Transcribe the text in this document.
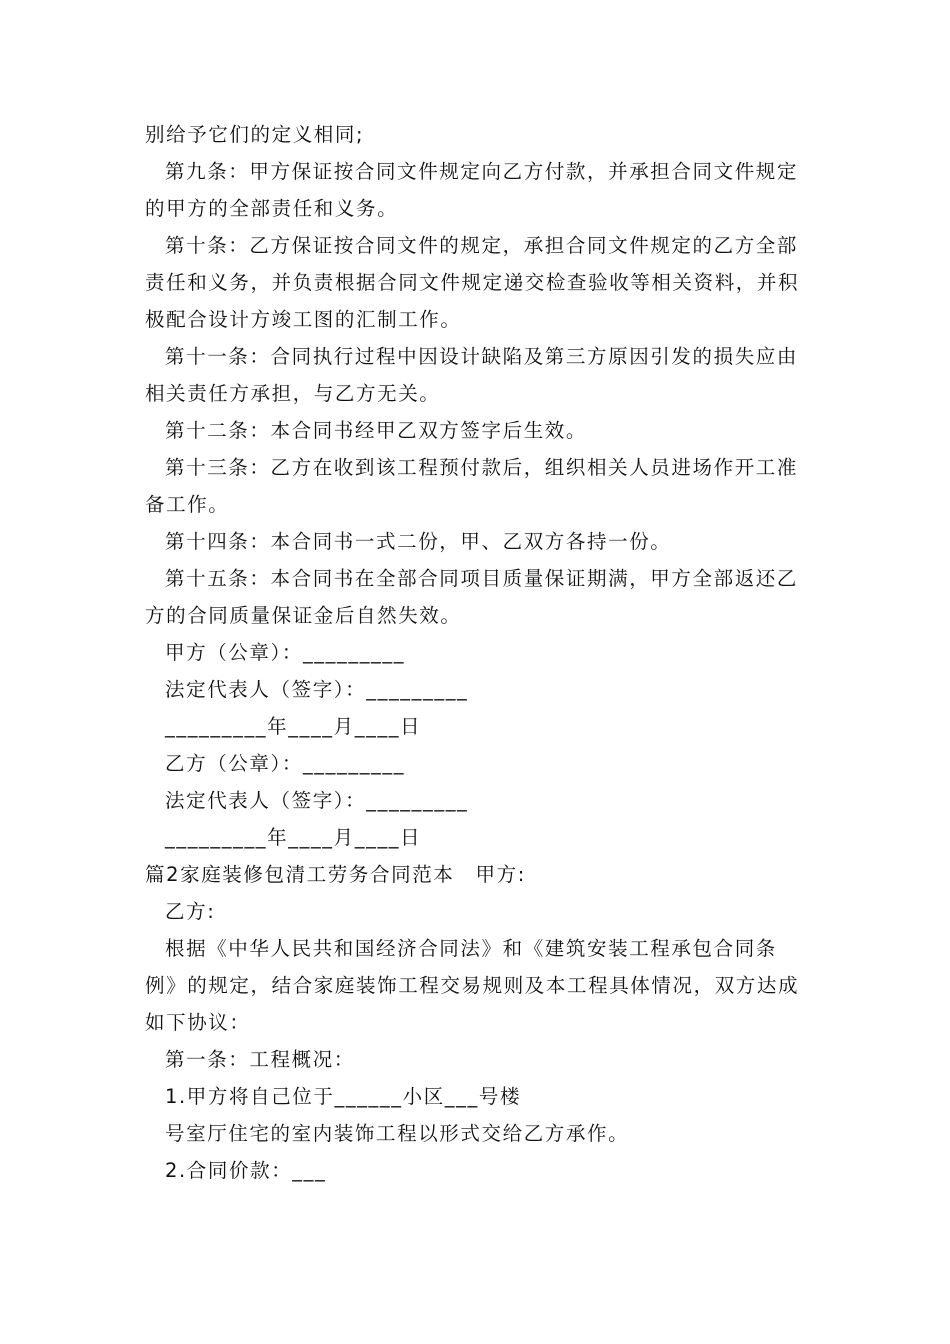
别给予它们的定义相同;

第九条：甲方保证按合同文件规定向乙方付款，并承担合同文件规定的甲方的全部责任和义务。

第十条：乙方保证按合同文件的规定，承担合同文件规定的乙方全部责任和义务，并负责根据合同文件规定递交检查验收等相关资料，并积极配合设计方竣工图的汇制工作。

第十一条：合同执行过程中因设计缺陷及第三方原因引发的损失应由相关责任方承担，与乙方无关。

第十二条：本合同书经甲乙双方签字后生效。

第十三条：乙方在收到该工程预付款后，组织相关人员进场作开工准备工作。

第十四条：本合同书一式二份，甲、乙双方各持一份。

第十五条：本合同书在全部合同项目质量保证期满，甲方全部返还乙方的合同质量保证金后自然失效。

甲方（公章）：_________

法定代表人（签字）：_________

_________年____月____日

乙方（公章）：_________

法定代表人（签字）：_________

_________年____月____日

篇2家庭装修包清工劳务合同范本　甲方:

乙方:

根据《中华人民共和国经济合同法》和《建筑安装工程承包合同条例》的规定，结合家庭装饰工程交易规则及本工程具体情况，双方达成如下协议：

第一条：工程概况：

1.甲方将自己位于______小区___号楼

号室厅住宅的室内装饰工程以形式交给乙方承作。

2.合同价款：___
